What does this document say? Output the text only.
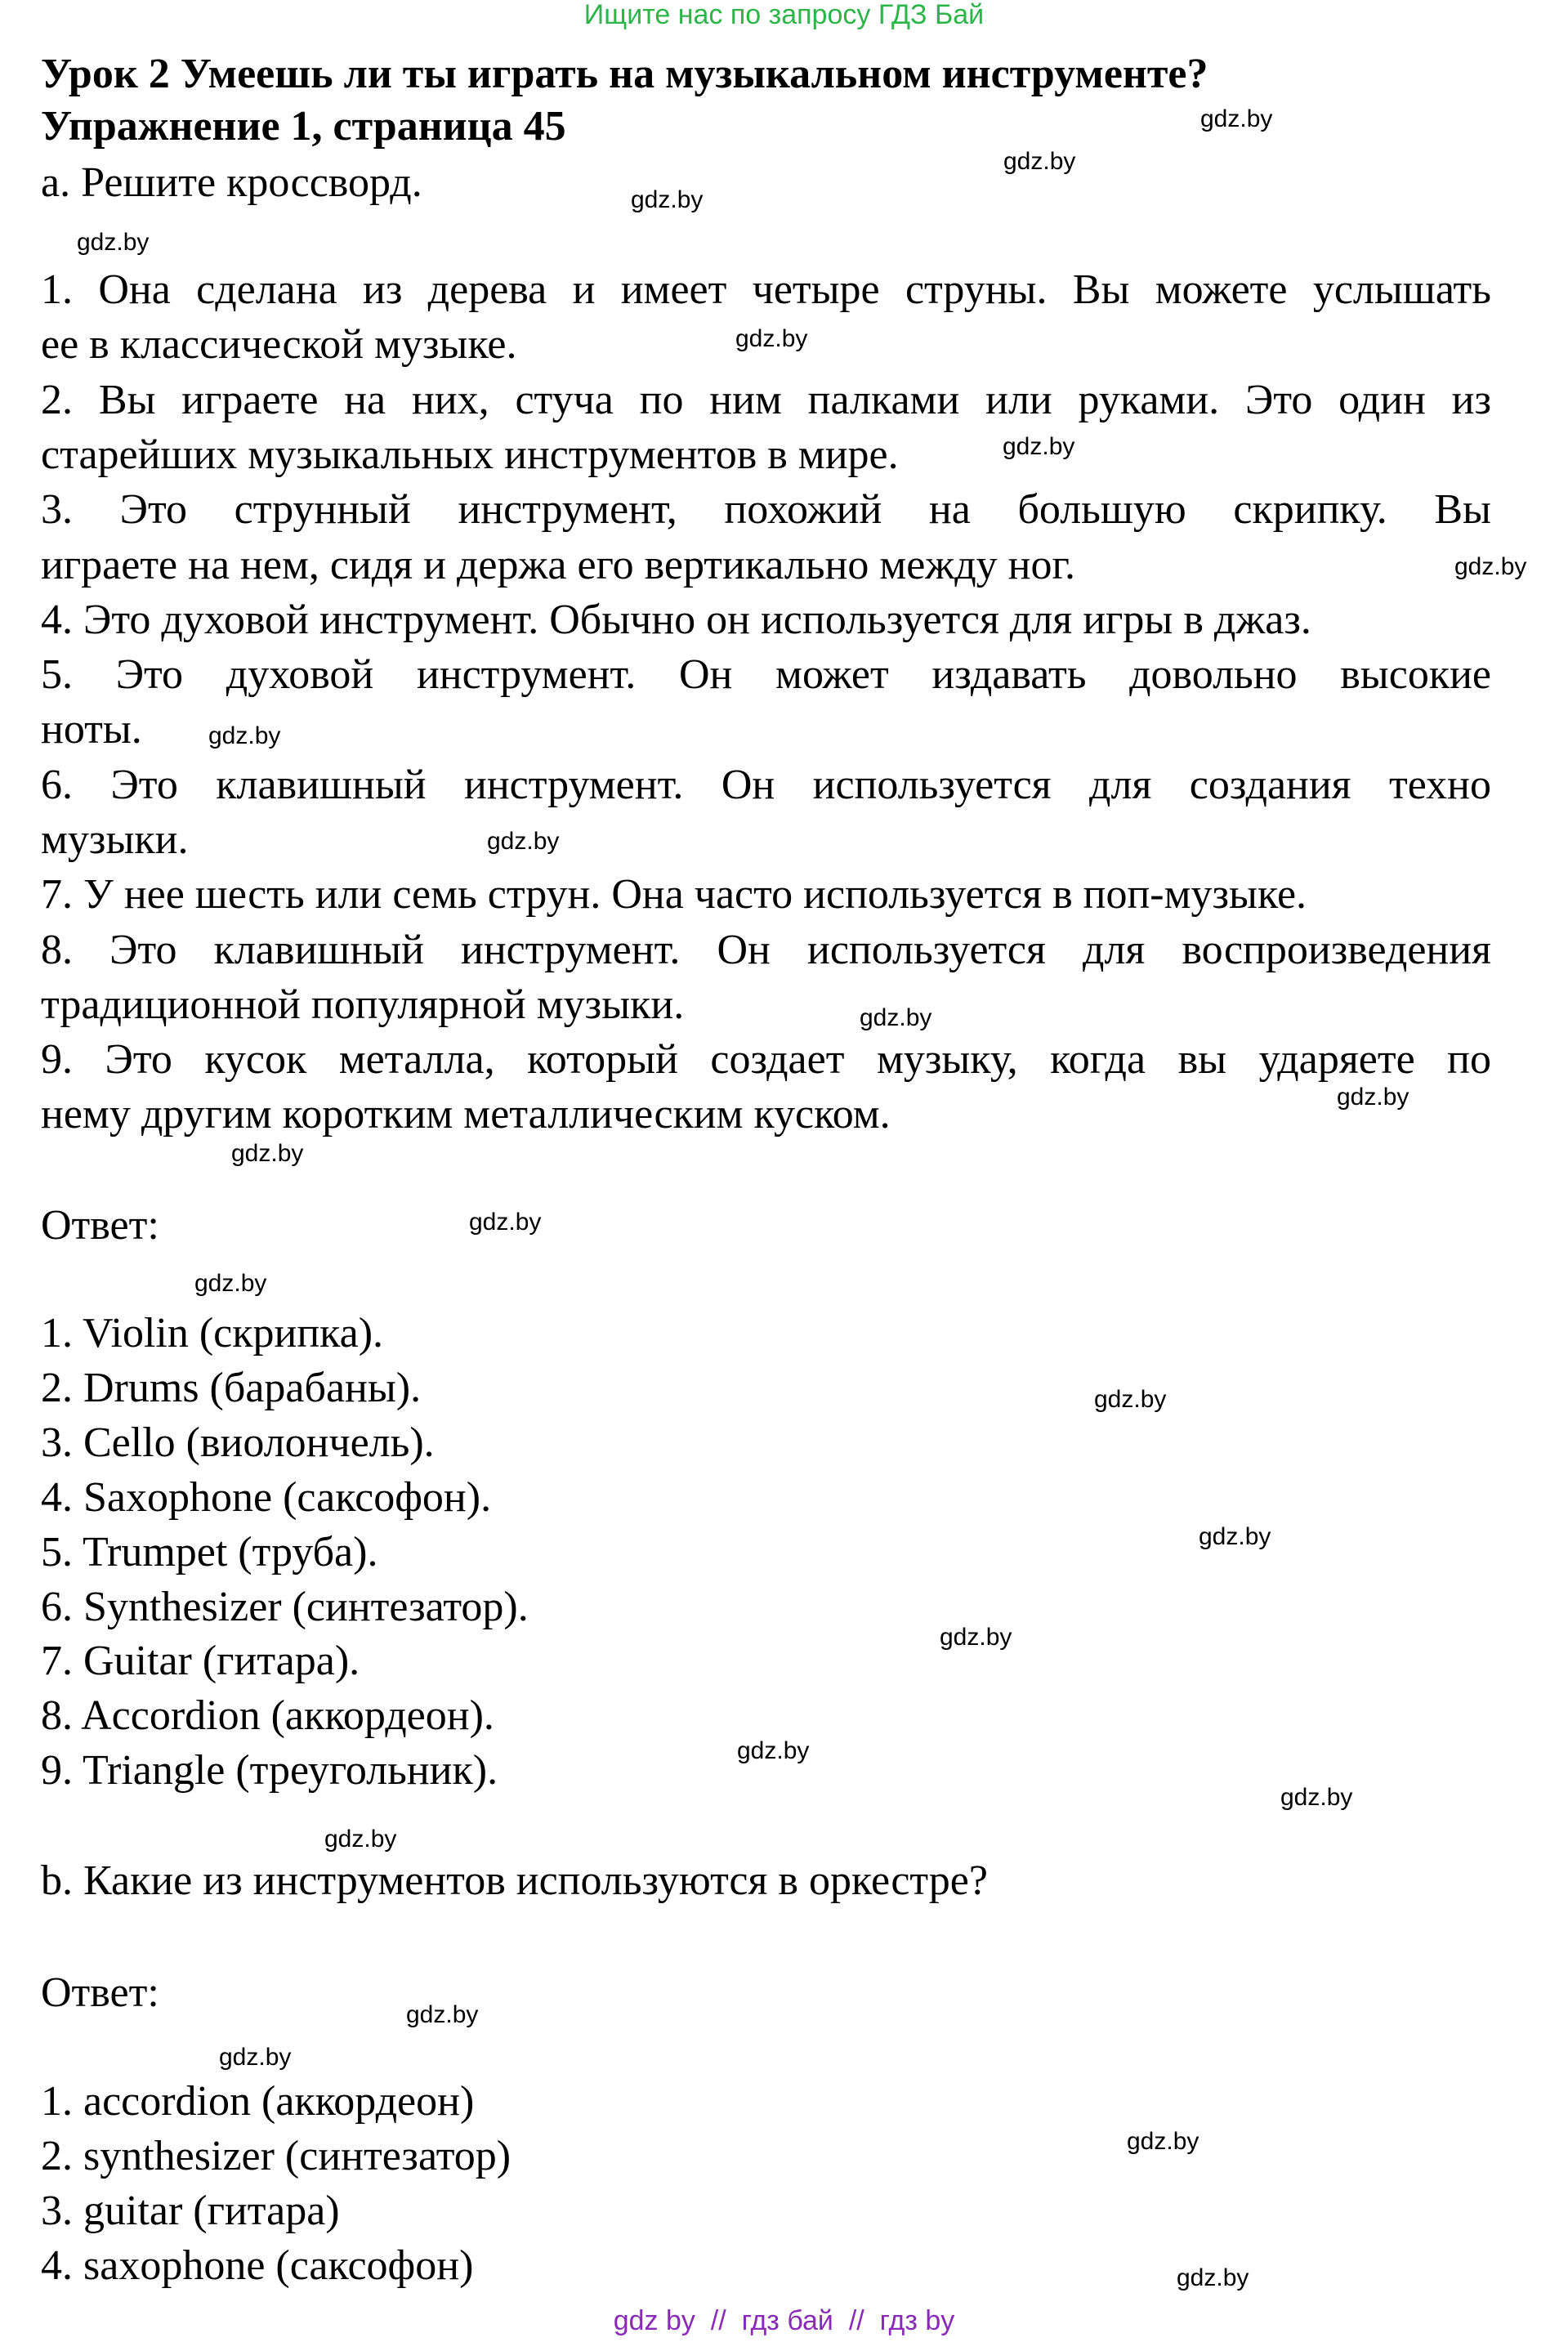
Ищите нас по запросу ГДЗ Бай
Урок 2 Умеешь ли ты играть на музыкальном инструменте?
Упражнение 1, страница 45
a. Решите кроссворд.
1. Она сделана из дерева и имеет четыре струны. Вы можете услышать
ее в классической музыке.
2. Вы играете на них, стуча по ним палками или руками. Это один из
старейших музыкальных инструментов в мире.
3. Это струнный инструмент, похожий на большую скрипку. Вы
играете на нем, сидя и держа его вертикально между ног.
4. Это духовой инструмент. Обычно он используется для игры в джаз.
5. Это духовой инструмент. Он может издавать довольно высокие
ноты.
6. Это клавишный инструмент. Он используется для создания техно
музыки.
7. У нее шесть или семь струн. Она часто используется в поп-музыке.
8. Это клавишный инструмент. Он используется для воспроизведения
традиционной популярной музыки.
9. Это кусок металла, который создает музыку, когда вы ударяете по
нему другим коротким металлическим куском.
Ответ:
1. Violin (скрипка).
2. Drums (барабаны).
3. Cello (виолончель).
4. Saxophone (саксофон).
5. Trumpet (труба).
6. Synthesizer (синтезатор).
7. Guitar (гитара).
8. Accordion (аккордеон).
9. Triangle (треугольник).
b. Какие из инструментов используются в оркестре?
Ответ:
1. accordion (аккордеон)
2. synthesizer (синтезатор)
3. guitar (гитара)
4. saxophone (саксофон)
gdz.by
gdz.by
gdz.by
gdz.by
gdz.by
gdz.by
gdz.by
gdz.by
gdz.by
gdz.by
gdz.by
gdz.by
gdz.by
gdz.by
gdz.by
gdz.by
gdz.by
gdz.by
gdz.by
gdz.by
gdz.by
gdz.by
gdz.by
gdz.by
gdz by  //  гдз бай  //  гдз by
